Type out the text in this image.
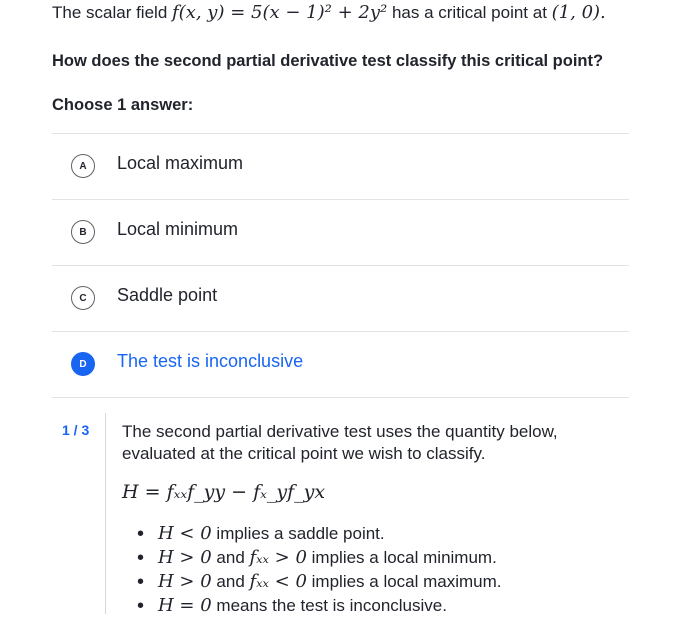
The scalar field f(x, y) = 5(x − 1)² + 2y² has a critical point at (1, 0).
How does the second partial derivative test classify this critical point?
Choose 1 answer:
A	Local maximum
B	Local minimum
C	Saddle point
D	The test is inconclusive
1 / 3 The second partial derivative test uses the quantity below,
evaluated at the critical point we wish to classify.
H = fₓₓf_yy − fₓ_yf_yx
• H < 0 implies a saddle point.
• H > 0 and fₓₓ > 0 implies a local minimum.
• H > 0 and fₓₓ < 0 implies a local maximum.
• H = 0 means the test is inconclusive.
